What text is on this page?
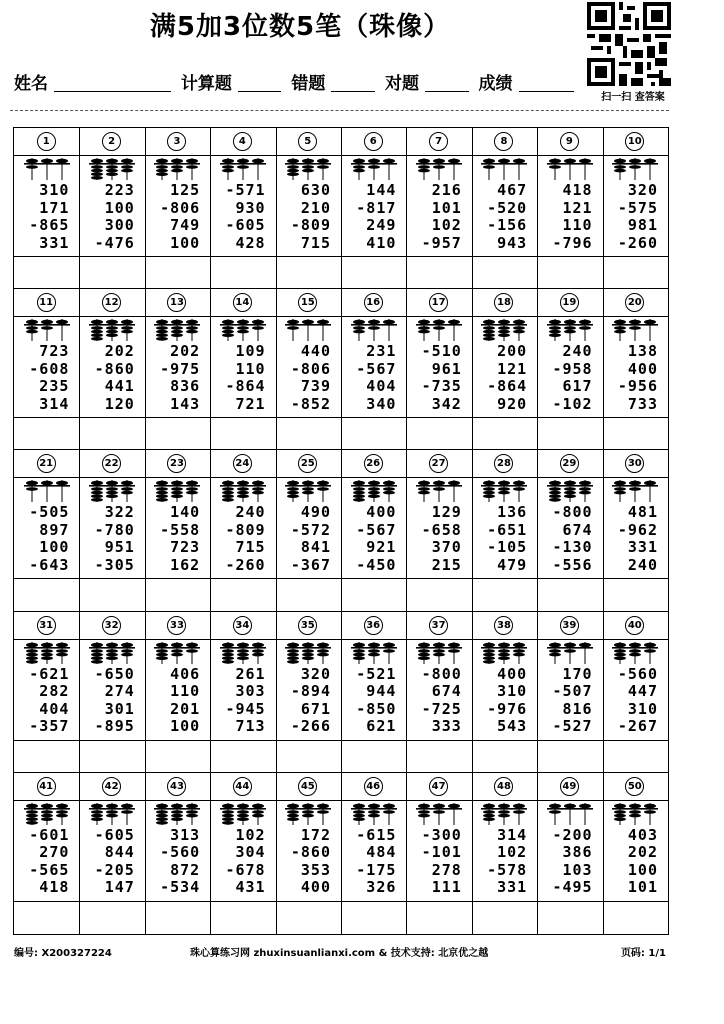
满5加3位数5笔（珠像）
扫一扫 查答案
姓名	计算题	错题	对题	成绩
1
310
171
-865
331
2
223
100
300
-476
3
125
-806
749
100
4
-571
930
-605
428
5
630
210
-809
715
6
144
-817
249
410
7
216
101
102
-957
8
467
-520
-156
943
9
418
121
110
-796
10
320
-575
981
-260
11
723
-608
235
314
12
202
-860
441
120
13
202
-975
836
143
14
109
110
-864
721
15
440
-806
739
-852
16
231
-567
404
340
17
-510
961
-735
342
18
200
121
-864
920
19
240
-958
617
-102
20
138
400
-956
733
21
-505
897
100
-643
22
322
-780
951
-305
23
140
-558
723
162
24
240
-809
715
-260
25
490
-572
841
-367
26
400
-567
921
-450
27
129
-658
370
215
28
136
-651
-105
479
29
-800
674
-130
-556
30
481
-962
331
240
31
-621
282
404
-357
32
-650
274
301
-895
33
406
110
201
100
34
261
303
-945
713
35
320
-894
671
-266
36
-521
944
-850
621
37
-800
674
-725
333
38
400
310
-976
543
39
170
-507
816
-527
40
-560
447
310
-267
41
-601
270
-565
418
42
-605
844
-205
147
43
313
-560
872
-534
44
102
304
-678
431
45
172
-860
353
400
46
-615
484
-175
326
47
-300
-101
278
111
48
314
102
-578
331
49
-200
386
103
-495
50
403
202
100
101
编号: X200327224	珠心算练习网 zhuxinsuanlianxi.com & 技术支持: 北京优之越	页码: 1/1
